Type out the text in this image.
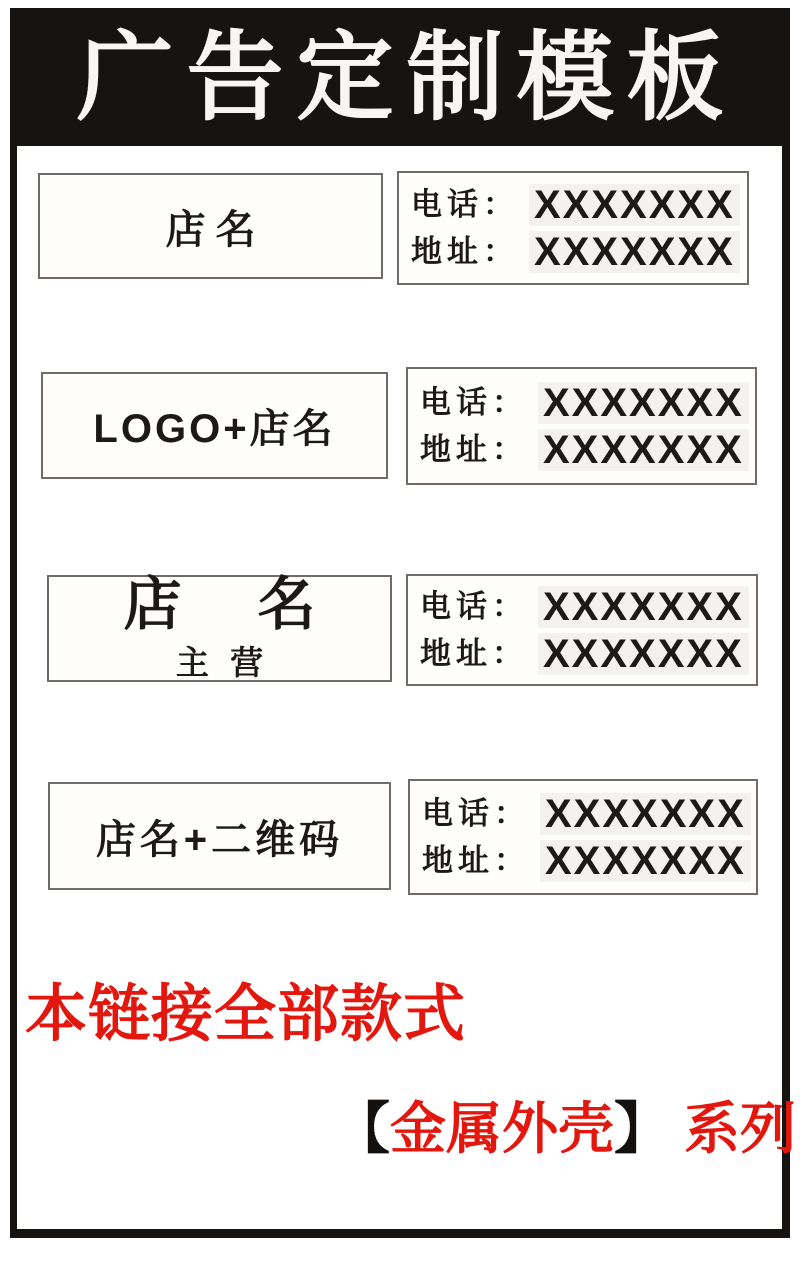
广告定制模板
店名
电话： XXXXXXX
地址： XXXXXXX
LOGO+店名
电话： XXXXXXX
地址： XXXXXXX
店 名
主 营
电话： XXXXXXX
地址： XXXXXXX
店名+二维码
电话： XXXXXXX
地址： XXXXXXX
本链接全部款式
【金属外壳】 系列
